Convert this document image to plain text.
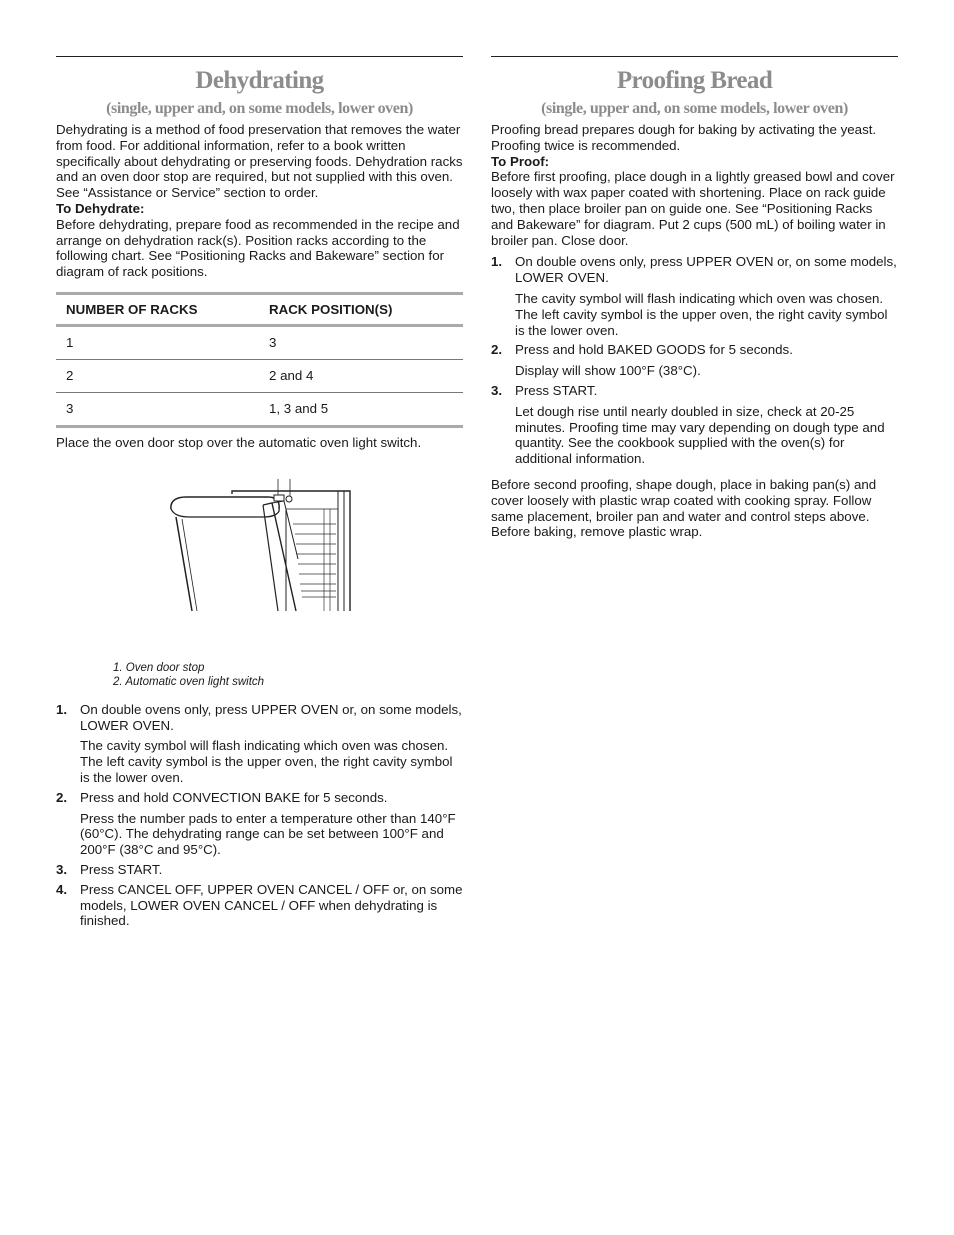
Dehydrating
(single, upper and, on some models, lower oven)

Dehydrating is a method of food preservation that removes the water from food. For additional information, refer to a book written specifically about dehydrating or preserving foods. Dehydration racks and an oven door stop are required, but not supplied with this oven. See “Assistance or Service” section to order.

To Dehydrate:

Before dehydrating, prepare food as recommended in the recipe and arrange on dehydration rack(s). Position racks according to the following chart. See “Positioning Racks and Bakeware” section for diagram of rack positions.

NUMBER OF RACKS	RACK POSITION(S)
1	3
2	2 and 4
3	1, 3 and 5

Place the oven door stop over the automatic oven light switch.

1. Oven door stop

2. Automatic oven light switch

1. On double ovens only, press UPPER OVEN or, on some models, LOWER OVEN.

The cavity symbol will flash indicating which oven was chosen. The left cavity symbol is the upper oven, the right cavity symbol is the lower oven.

2. Press and hold CONVECTION BAKE for 5 seconds.

Press the number pads to enter a temperature other than 140°F (60°C). The dehydrating range can be set between 100°F and 200°F (38°C and 95°C).

3. Press START.

4. Press CANCEL OFF, UPPER OVEN CANCEL / OFF or, on some models, LOWER OVEN CANCEL / OFF when dehydrating is finished.

Proofing Bread
(single, upper and, on some models, lower oven)

Proofing bread prepares dough for baking by activating the yeast. Proofing twice is recommended.

To Proof:

Before first proofing, place dough in a lightly greased bowl and cover loosely with wax paper coated with shortening. Place on rack guide two, then place broiler pan on guide one. See “Positioning Racks and Bakeware” for diagram. Put 2 cups (500 mL) of boiling water in broiler pan. Close door.

1. On double ovens only, press UPPER OVEN or, on some models, LOWER OVEN.

The cavity symbol will flash indicating which oven was chosen. The left cavity symbol is the upper oven, the right cavity symbol is the lower oven.

2. Press and hold BAKED GOODS for 5 seconds.

Display will show 100°F (38°C).

3. Press START.

Let dough rise until nearly doubled in size, check at 20-25 minutes. Proofing time may vary depending on dough type and quantity. See the cookbook supplied with the oven(s) for additional information.

Before second proofing, shape dough, place in baking pan(s) and cover loosely with plastic wrap coated with cooking spray. Follow same placement, broiler pan and water and control steps above. Before baking, remove plastic wrap.
